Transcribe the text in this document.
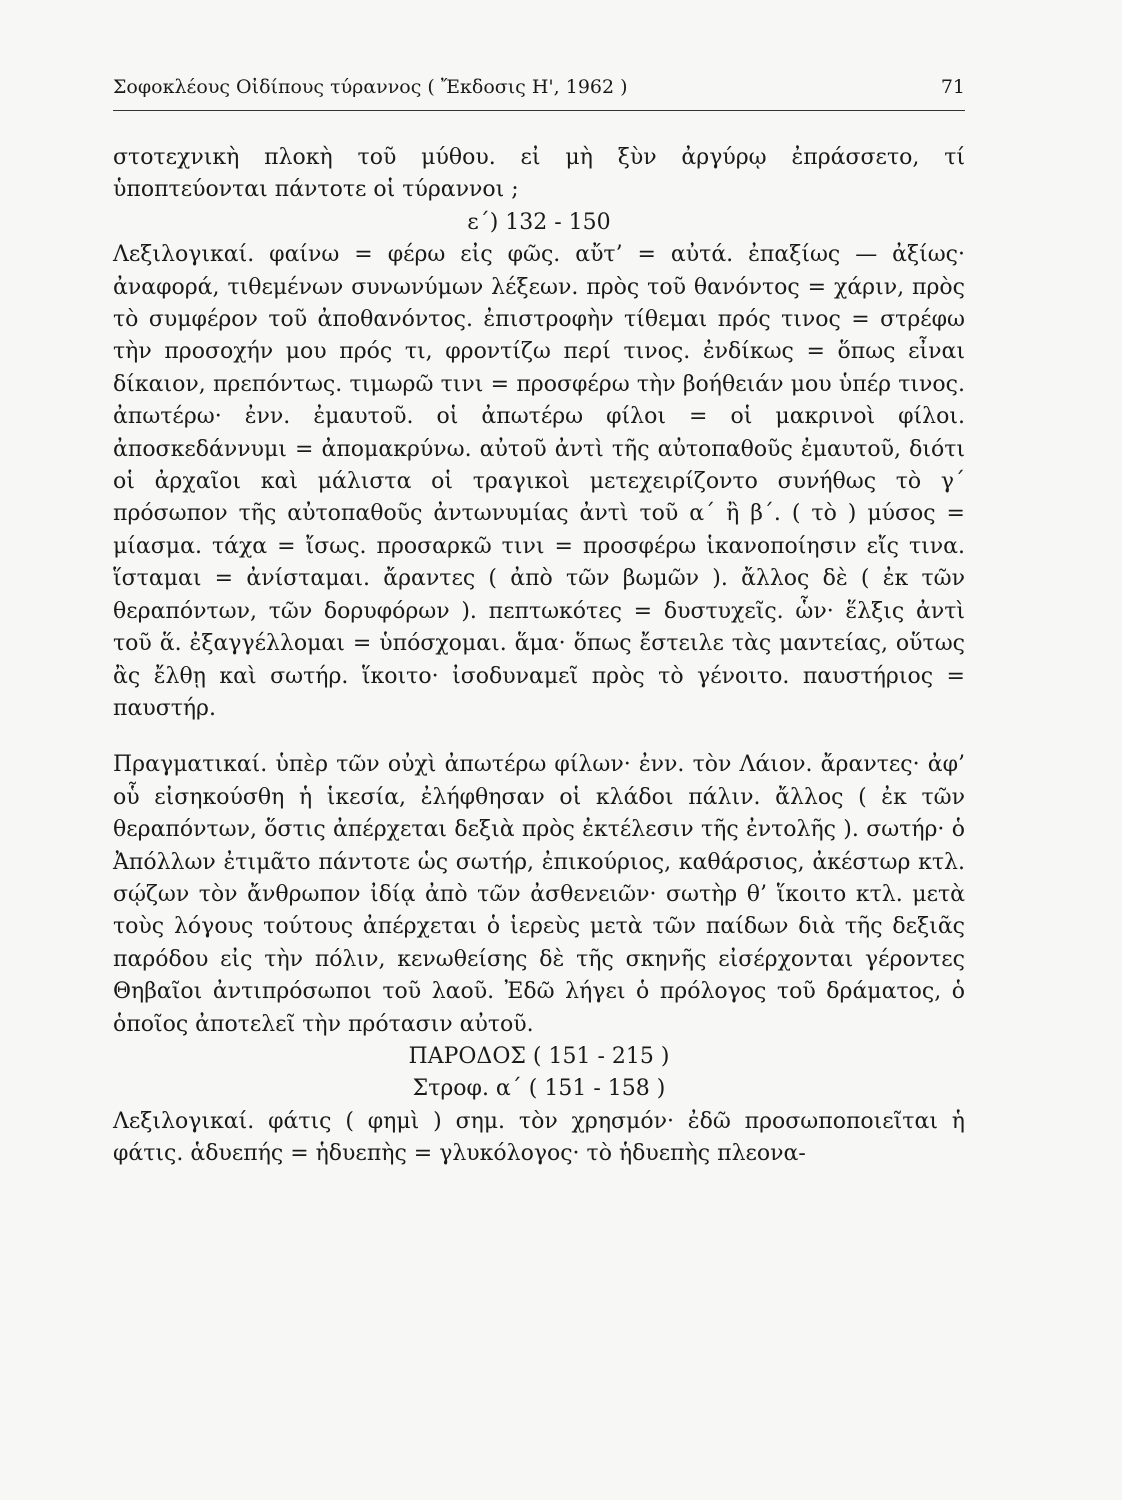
Σοφοκλέους Οἰδίπους τύραννος ( Ἔκδοσις Η', 1962 )	71

στοτεχνικὴ πλοκὴ τοῦ μύθου. εἰ μὴ ξὺν ἀργύρῳ ἐπράσσετο, τί ὑποπτεύονται πάντοτε οἱ τύραννοι ;

ε΄) 132 - 150

Λεξιλογικαί. φαίνω = φέρω εἰς φῶς. αὔτ’ = αὐτά. ἐπαξίως — ἀξίως· ἀναφορά, τιθεμένων συνωνύμων λέξεων. πρὸς τοῦ θανόντος = χάριν, πρὸς τὸ συμφέρον τοῦ ἀποθανόντος. ἐπιστροφὴν τίθεμαι πρός τινος = στρέφω τὴν προσοχήν μου πρός τι, φροντίζω περί τινος. ἐνδίκως = ὅπως εἶναι δίκαιον, πρεπόντως. τιμωρῶ τινι = προσφέρω τὴν βοήθειάν μου ὑπέρ τινος. ἀπωτέρω· ἐνν. ἐμαυτοῦ. οἱ ἀπωτέρω φίλοι = οἱ μακρινοὶ φίλοι. ἀποσκεδάννυμι = ἀπομακρύνω. αὐτοῦ ἀντὶ τῆς αὐτοπαθοῦς ἐμαυτοῦ, διότι οἱ ἀρχαῖοι καὶ μάλιστα οἱ τραγικοὶ μετεχειρίζοντο συνήθως τὸ γ΄ πρόσωπον τῆς αὐτοπαθοῦς ἀντωνυμίας ἀντὶ τοῦ α΄ ἢ β΄. ( τὸ ) μύσος = μίασμα. τάχα = ἴσως. προσαρκῶ τινι = προσφέρω ἱκανοποίησιν εἴς τινα. ἵσταμαι = ἀνίσταμαι. ἄραντες ( ἀπὸ τῶν βωμῶν ). ἄλλος δὲ ( ἐκ τῶν θεραπόντων, τῶν δορυφόρων ). πεπτωκότες = δυστυχεῖς. ὧν· ἕλξις ἀντὶ τοῦ ἅ. ἐξαγγέλλομαι = ὑπόσχομαι. ἅμα· ὅπως ἔστειλε τὰς μαντείας, οὕτως ἂς ἔλθῃ καὶ σωτήρ. ἵκοιτο· ἰσοδυναμεῖ πρὸς τὸ γένοιτο. παυστήριος = παυστήρ.

Πραγματικαί. ὑπὲρ τῶν οὐχὶ ἀπωτέρω φίλων· ἐνν. τὸν Λάιον. ἄραντες· ἀφ’ οὗ εἰσηκούσθη ἡ ἱκεσία, ἐλήφθησαν οἱ κλάδοι πάλιν. ἄλλος ( ἐκ τῶν θεραπόντων, ὅστις ἀπέρχεται δεξιὰ πρὸς ἐκτέλεσιν τῆς ἐντολῆς ). σωτήρ· ὁ Ἀπόλλων ἐτιμᾶτο πάντοτε ὡς σωτήρ, ἐπικούριος, καθάρσιος, ἀκέστωρ κτλ. σῴζων τὸν ἄνθρωπον ἰδίᾳ ἀπὸ τῶν ἀσθενειῶν· σωτὴρ θ’ ἵκοιτο κτλ. μετὰ τοὺς λόγους τούτους ἀπέρχεται ὁ ἱερεὺς μετὰ τῶν παίδων διὰ τῆς δεξιᾶς παρόδου εἰς τὴν πόλιν, κενωθείσης δὲ τῆς σκηνῆς εἰσέρχονται γέροντες Θηβαῖοι ἀντιπρόσωποι τοῦ λαοῦ. Ἐδῶ λήγει ὁ πρόλογος τοῦ δράματος, ὁ ὁποῖος ἀποτελεῖ τὴν πρότασιν αὐτοῦ.

ΠΑΡΟΔΟΣ ( 151 - 215 )

Στροφ. α΄ ( 151 - 158 )

Λεξιλογικαί. φάτις ( φημὶ ) σημ. τὸν χρησμόν· ἐδῶ προσωποποιεῖται ἡ φάτις. ἁδυεπής = ἡδυεπὴς = γλυκόλογος· τὸ ἡδυεπὴς πλεονα-
